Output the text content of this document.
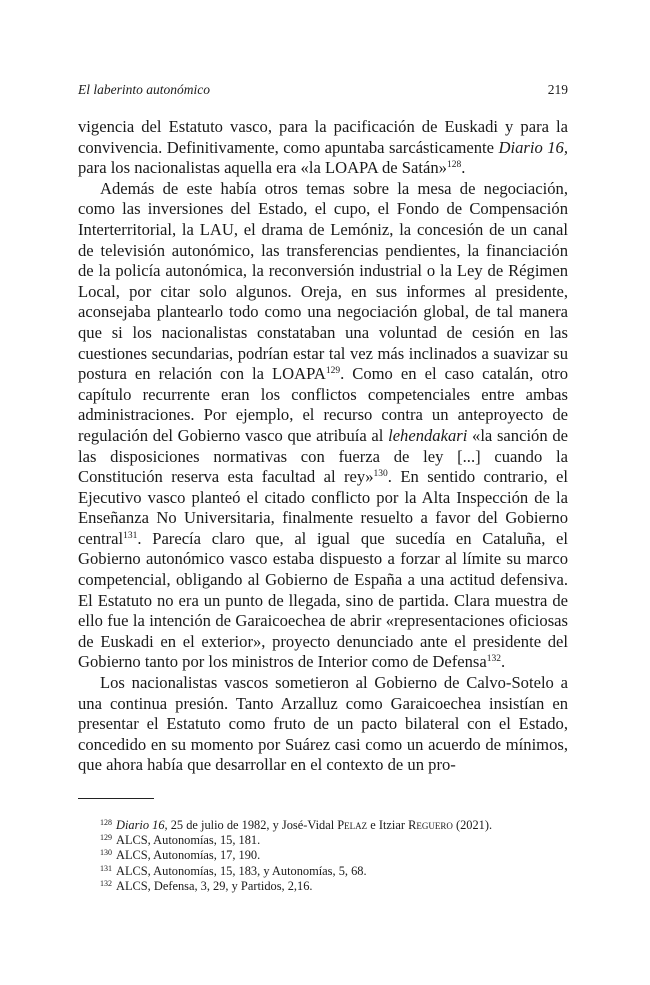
El laberinto autonómico	219

vigencia del Estatuto vasco, para la pacificación de Euskadi y para la convivencia. Definitivamente, como apuntaba sarcásticamente Diario 16, para los nacionalistas aquella era «la LOAPA de Satán»$^{128}$.

Además de este había otros temas sobre la mesa de negociación, como las inversiones del Estado, el cupo, el Fondo de Compensación Interterritorial, la LAU, el drama de Lemóniz, la concesión de un canal de televisión autonómico, las transferencias pendientes, la financiación de la policía autonómica, la reconversión industrial o la Ley de Régimen Local, por citar solo algunos. Oreja, en sus informes al presidente, aconsejaba plantearlo todo como una negociación global, de tal manera que si los nacionalistas constataban una voluntad de cesión en las cuestiones secundarias, podrían estar tal vez más inclinados a suavizar su postura en relación con la LOAPA$^{129}$. Como en el caso catalán, otro capítulo recurrente eran los conflictos competenciales entre ambas administraciones. Por ejemplo, el recurso contra un anteproyecto de regulación del Gobierno vasco que atribuía al lehendakari «la sanción de las disposiciones normativas con fuerza de ley [...] cuando la Constitución reserva esta facultad al rey»$^{130}$. En sentido contrario, el Ejecutivo vasco planteó el citado conflicto por la Alta Inspección de la Enseñanza No Universitaria, finalmente resuelto a favor del Gobierno central$^{131}$. Parecía claro que, al igual que sucedía en Cataluña, el Gobierno autonómico vasco estaba dispuesto a forzar al límite su marco competencial, obligando al Gobierno de España a una actitud defensiva. El Estatuto no era un punto de llegada, sino de partida. Clara muestra de ello fue la intención de Garaicoechea de abrir «representaciones oficiosas de Euskadi en el exterior», proyecto denunciado ante el presidente del Gobierno tanto por los ministros de Interior como de Defensa$^{132}$.

Los nacionalistas vascos sometieron al Gobierno de Calvo-Sotelo a una continua presión. Tanto Arzalluz como Garaicoechea insistían en presentar el Estatuto como fruto de un pacto bilateral con el Estado, concedido en su momento por Suárez casi como un acuerdo de mínimos, que ahora había que desarrollar en el contexto de un pro-

$^{128}$ Diario 16, 25 de julio de 1982, y José-Vidal Pelaz e Itziar Reguero (2021).
$^{129}$ ALCS, Autonomías, 15, 181.
$^{130}$ ALCS, Autonomías, 17, 190.
$^{131}$ ALCS, Autonomías, 15, 183, y Autonomías, 5, 68.
$^{132}$ ALCS, Defensa, 3, 29, y Partidos, 2,16.
